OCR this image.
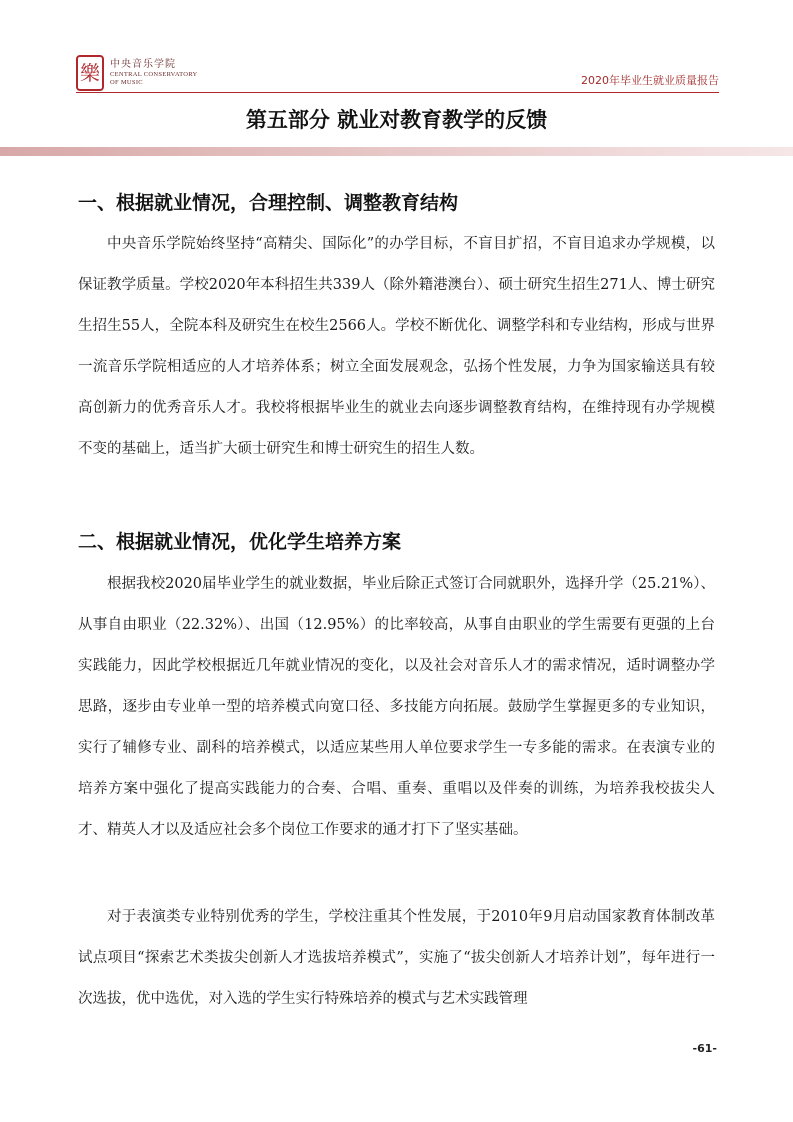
樂	中央音乐学院
CENTRAL CONSERVATORY
OF MUSIC	2020年毕业生就业质量报告
第五部分 就业对教育教学的反馈
一、根据就业情况，合理控制、调整教育结构

中央音乐学院始终坚持“高精尖、国际化”的办学目标，不盲目扩招，不盲目追求办学规模，以保证教学质量。学校2020年本科招生共339人（除外籍港澳台）、硕士研究生招生271人、博士研究生招生55人，全院本科及研究生在校生2566人。学校不断优化、调整学科和专业结构，形成与世界一流音乐学院相适应的人才培养体系；树立全面发展观念，弘扬个性发展，力争为国家输送具有较高创新力的优秀音乐人才。我校将根据毕业生的就业去向逐步调整教育结构，在维持现有办学规模不变的基础上，适当扩大硕士研究生和博士研究生的招生人数。

二、根据就业情况，优化学生培养方案

根据我校2020届毕业学生的就业数据，毕业后除正式签订合同就职外，选择升学（25.21%）、从事自由职业（22.32%）、出国（12.95%）的比率较高，从事自由职业的学生需要有更强的上台实践能力，因此学校根据近几年就业情况的变化，以及社会对音乐人才的需求情况，适时调整办学思路，逐步由专业单一型的培养模式向宽口径、多技能方向拓展。鼓励学生掌握更多的专业知识，实行了辅修专业、副科的培养模式，以适应某些用人单位要求学生一专多能的需求。在表演专业的培养方案中强化了提高实践能力的合奏、合唱、重奏、重唱以及伴奏的训练，为培养我校拔尖人才、精英人才以及适应社会多个岗位工作要求的通才打下了坚实基础。

对于表演类专业特别优秀的学生，学校注重其个性发展，于2010年9月启动国家教育体制改革试点项目“探索艺术类拔尖创新人才选拔培养模式”，实施了“拔尖创新人才培养计划”，每年进行一次选拔，优中选优，对入选的学生实行特殊培养的模式与艺术实践管理

-61-
